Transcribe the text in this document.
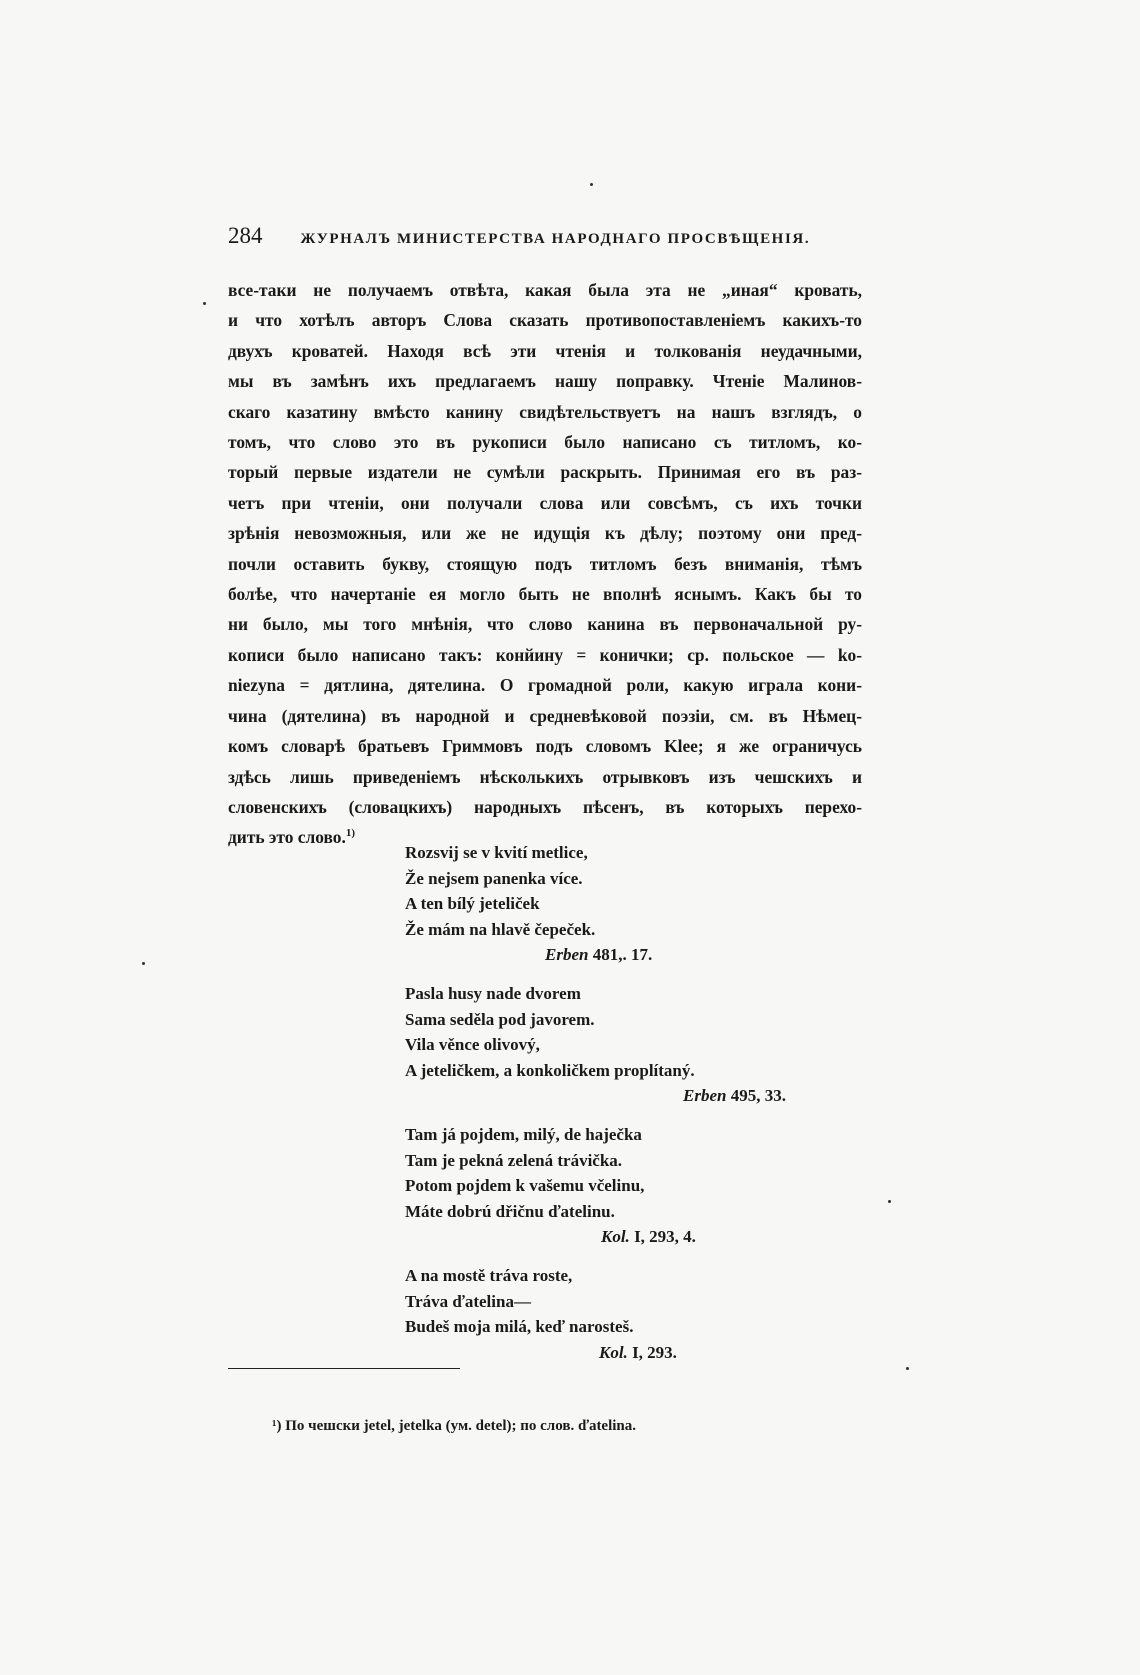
284	ЖУРНАЛЪ МИНИСТЕРСТВА НАРОДНАГО ПРОСВѢЩЕНІЯ.
все-таки не получаемъ отвѣта, какая была эта не „иная“ кровать,
и что хотѣлъ авторъ Слова сказать противопоставленіемъ какихъ-то
двухъ кроватей. Находя всѣ эти чтенія и толкованія неудачными,
мы въ замѣнъ ихъ предлагаемъ нашу поправку. Чтеніе Малинов-
скаго казатину вмѣсто канину свидѣтельствуетъ на нашъ взглядъ, о
томъ, что слово это въ рукописи было написано съ титломъ, ко-
торый первые издатели не сумѣли раскрыть. Принимая его въ раз-
четъ при чтеніи, они получали слова или совсѣмъ, съ ихъ точки
зрѣнія невозможныя, или же не идущія къ дѣлу; поэтому они пред-
почли оставить букву, стоящую подъ титломъ безъ вниманія, тѣмъ
болѣе, что начертаніе ея могло быть не вполнѣ яснымъ. Какъ бы то
ни было, мы того мнѣнія, что слово канина въ первоначальной ру-
кописи было написано такъ: конйину = конички; ср. польское — ko-
niezyna = дятлина, дятелина. О громадной роли, какую играла кони-
чина (дятелина) въ народной и средневѣковой поэзіи, см. въ Нѣмец-
комъ словарѣ братьевъ Гриммовъ подъ словомъ Klee; я же ограничусь
здѣсь лишь приведеніемъ нѣсколькихъ отрывковъ изъ чешскихъ и
словенскихъ (словацкихъ) народныхъ пѣсенъ, въ которыхъ перехо-
дить это слово.$^{1)}$
Rozsvij se v kvití metlice,
Že nejsem panenka více.
A ten bílý jeteliček
Že mám na hlavě čepeček.
Erben 481,. 17.
Pasla husy nade dvorem
Sama seděla pod javorem.
Vila věnce olivový,
A jeteličkem, a konkoličkem proplítaný.
Erben 495, 33.
Tam já pojdem, milý, de haječka
Tam je pekná zelená trávička.
Potom pojdem k vašemu včelinu,
Máte dobrú dřičnu ďatelinu.
Kol. I, 293, 4.
A na mostě tráva roste,
Tráva ďatelina—
Budeš moja milá, keď narosteš.
Kol. I, 293.
¹) По чешски jetel, jetelka (ум. detel); по слов. ďatelina.
